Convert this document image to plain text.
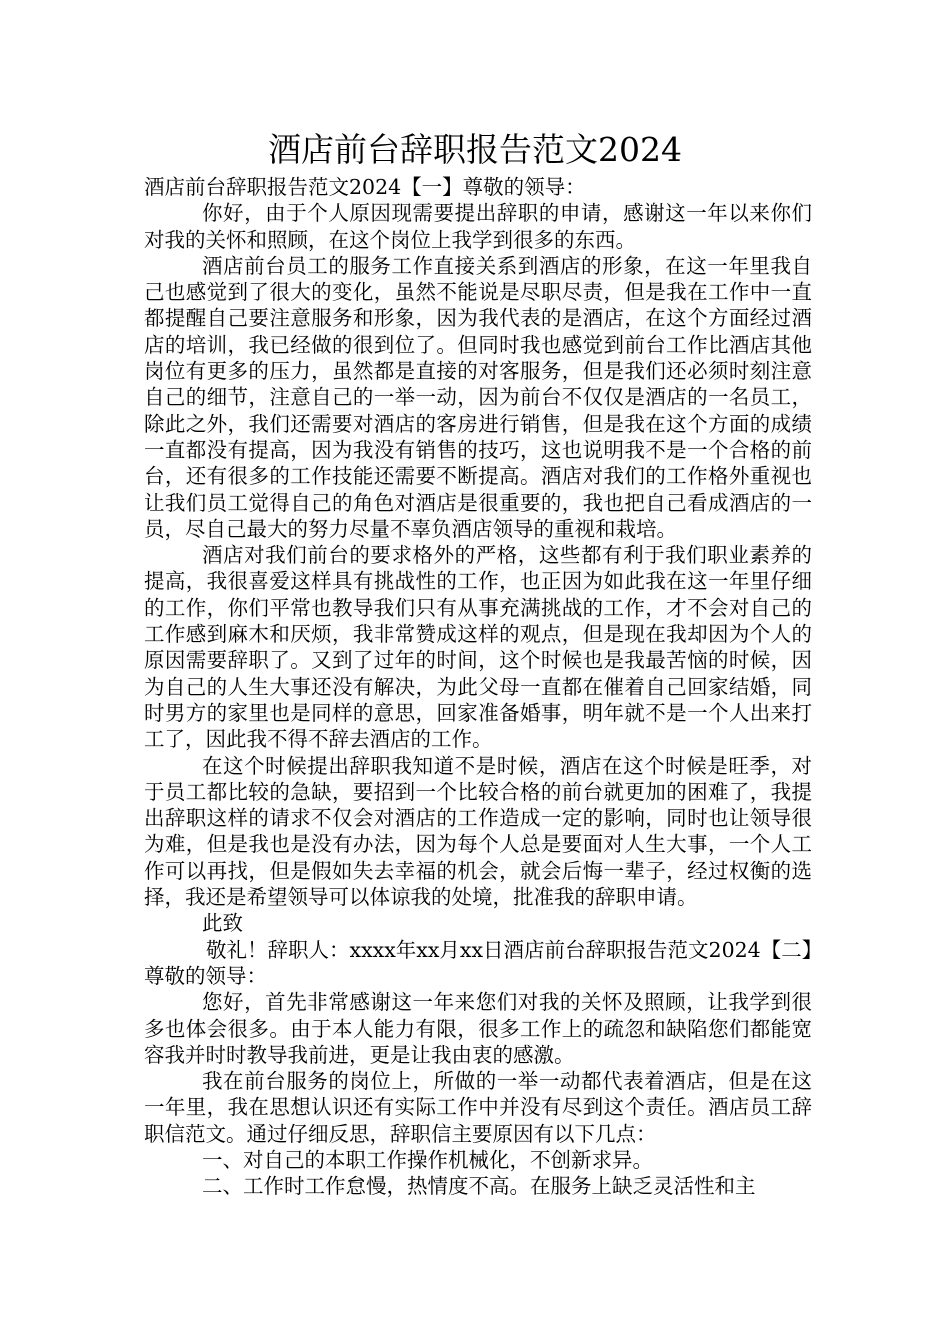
酒店前台辞职报告范文2024

酒店前台辞职报告范文2024【一】尊敬的领导：

你好，由于个人原因现需要提出辞职的申请，感谢这一年以来你们对我的关怀和照顾，在这个岗位上我学到很多的东西。

酒店前台员工的服务工作直接关系到酒店的形象，在这一年里我自己也感觉到了很大的变化，虽然不能说是尽职尽责，但是我在工作中一直都提醒自己要注意服务和形象，因为我代表的是酒店，在这个方面经过酒店的培训，我已经做的很到位了。但同时我也感觉到前台工作比酒店其他岗位有更多的压力，虽然都是直接的对客服务，但是我们还必须时刻注意自己的细节，注意自己的一举一动，因为前台不仅仅是酒店的一名员工，除此之外，我们还需要对酒店的客房进行销售，但是我在这个方面的成绩一直都没有提高，因为我没有销售的技巧，这也说明我不是一个合格的前台，还有很多的工作技能还需要不断提高。酒店对我们的工作格外重视也让我们员工觉得自己的角色对酒店是很重要的，我也把自己看成酒店的一员，尽自己最大的努力尽量不辜负酒店领导的重视和栽培。

酒店对我们前台的要求格外的严格，这些都有利于我们职业素养的提高，我很喜爱这样具有挑战性的工作，也正因为如此我在这一年里仔细的工作，你们平常也教导我们只有从事充满挑战的工作，才不会对自己的工作感到麻木和厌烦，我非常赞成这样的观点，但是现在我却因为个人的原因需要辞职了。又到了过年的时间，这个时候也是我最苦恼的时候，因为自己的人生大事还没有解决，为此父母一直都在催着自己回家结婚，同时男方的家里也是同样的意思，回家准备婚事，明年就不是一个人出来打工了，因此我不得不辞去酒店的工作。

在这个时候提出辞职我知道不是时候，酒店在这个时候是旺季，对于员工都比较的急缺，要招到一个比较合格的前台就更加的困难了，我提出辞职这样的请求不仅会对酒店的工作造成一定的影响，同时也让领导很为难，但是我也是没有办法，因为每个人总是要面对人生大事，一个人工作可以再找，但是假如失去幸福的机会，就会后悔一辈子，经过权衡的选择，我还是希望领导可以体谅我的处境，批准我的辞职申请。

此致

敬礼！辞职人：xxxx年xx月xx日酒店前台辞职报告范文2024【二】尊敬的领导：

您好，首先非常感谢这一年来您们对我的关怀及照顾，让我学到很多也体会很多。由于本人能力有限，很多工作上的疏忽和缺陷您们都能宽容我并时时教导我前进，更是让我由衷的感激。

我在前台服务的岗位上，所做的一举一动都代表着酒店，但是在这一年里，我在思想认识还有实际工作中并没有尽到这个责任。酒店员工辞职信范文。通过仔细反思，辞职信主要原因有以下几点：

一、对自己的本职工作操作机械化，不创新求异。

二、工作时工作怠慢，热情度不高。在服务上缺乏灵活性和主
